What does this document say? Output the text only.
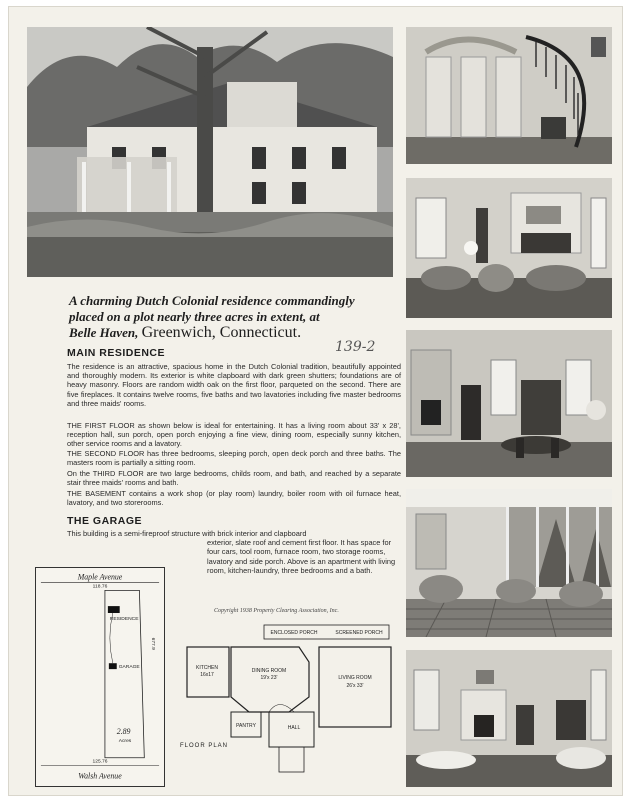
A charming Dutch Colonial residence commandingly
placed on a plot nearly three acres in extent, at
Belle Haven, Greenwich, Connecticut.
139-2
MAIN RESIDENCE
The residence is an attractive, spacious home in the Dutch Colonial tradition, beautifully appointed and thoroughly modern. Its exterior is white clapboard with dark green shutters; foundations are of heavy masonry. Floors are random width oak on the first floor, parqueted on the second. There are five fireplaces. It contains twelve rooms, five baths and two lavatories including five master bedrooms and three maids' rooms.
THE FIRST FLOOR as shown below is ideal for entertaining. It has a living room about 33' x 28', reception hall, sun porch, open porch enjoying a fine view, dining room, especially sunny kitchen, other service rooms and a lavatory.
THE SECOND FLOOR has three bedrooms, sleeping porch, open deck porch and three baths. The masters room is partially a sitting room.
On the THIRD FLOOR are two large bedrooms, childs room, and bath, and reached by a separate stair three maids' rooms and bath.
THE BASEMENT contains a work shop (or play room) laundry, boiler room with oil furnace heat, lavatory, and two storerooms.
THE GARAGE
This building is a semi-fireproof structure with brick interior and clapboard
exterior, slate roof and cement first floor. It has space for four cars, tool room, furnace room, two storage rooms, lavatory and side porch. Above is an apartment with living room, kitchen-laundry, three bedrooms and a bath.
Copyright 1938 Property Clearing Association, Inc.
Maple Avenue
118.76
RESIDENCE
GARAGE
677.9
2.89
Acres
125.76
Walsh Avenue
ENCLOSED PORCH	SCREENED PORCH
KITCHEN
16x17
DINING ROOM
19'x 23'	LIVING ROOM
26'x 33'
PANTRY	HALL
FLOOR PLAN
